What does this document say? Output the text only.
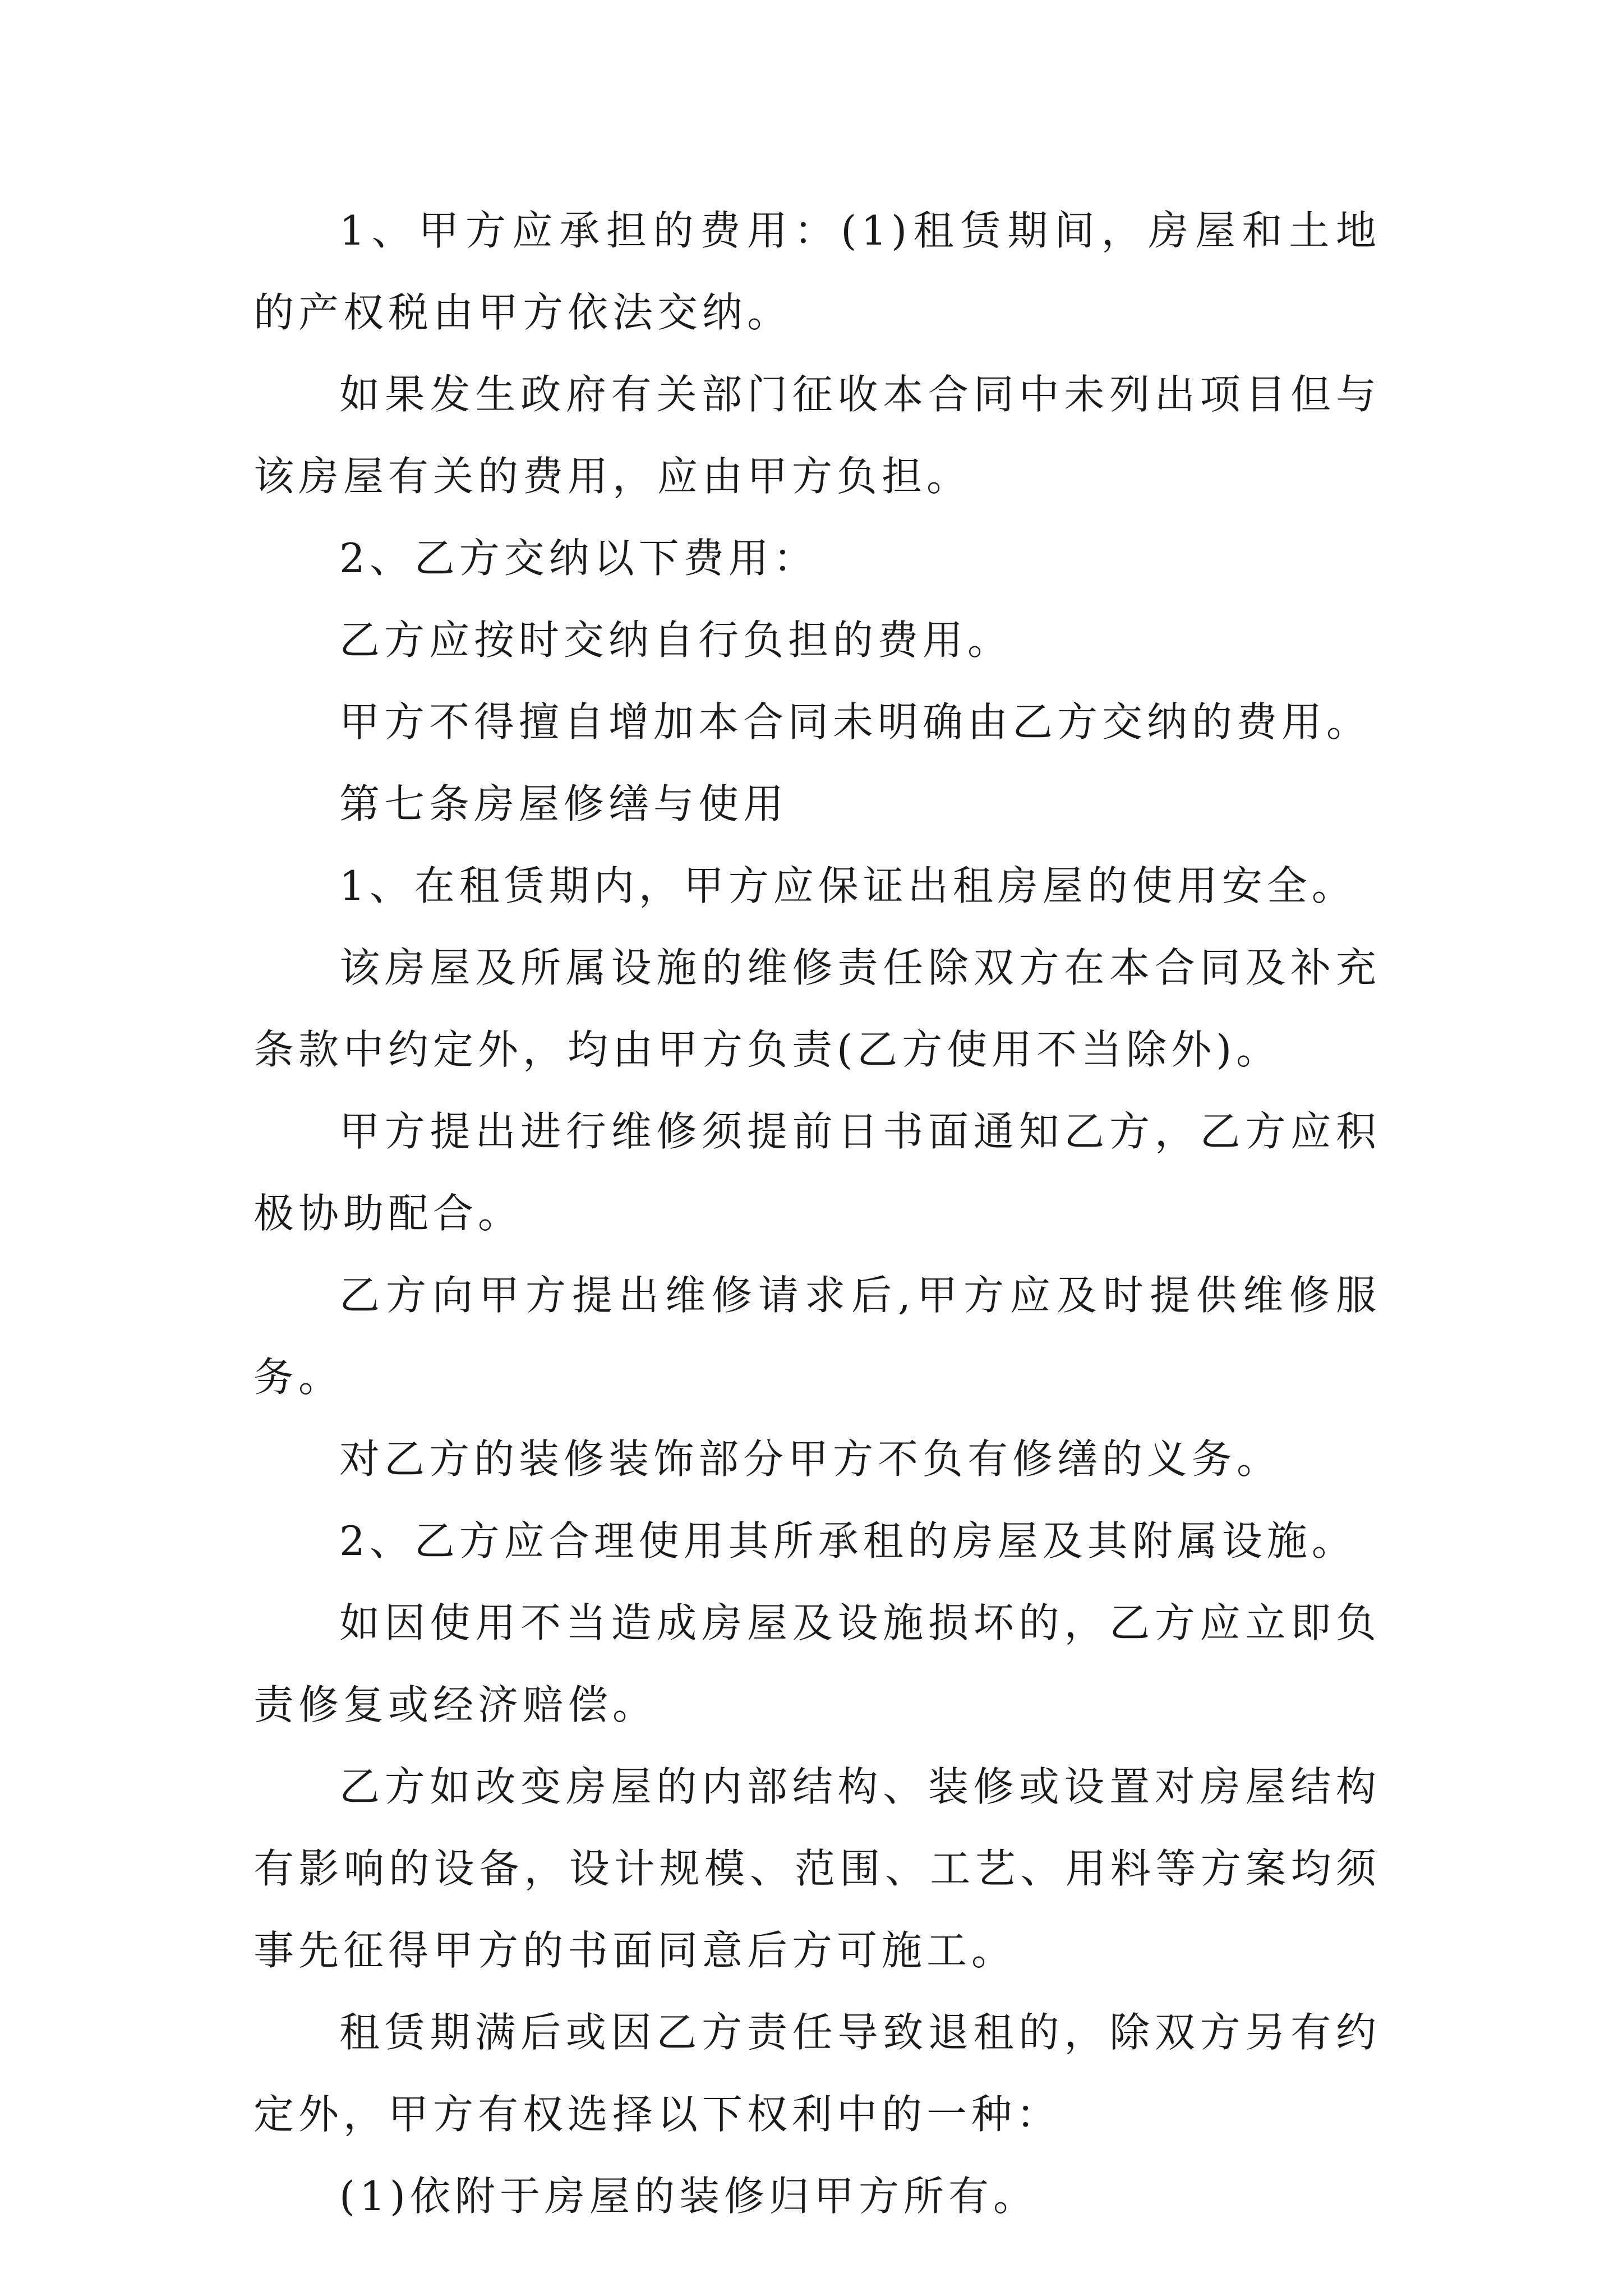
1、甲方应承担的费用：(1)租赁期间，房屋和土地的产权税由甲方依法交纳。

如果发生政府有关部门征收本合同中未列出项目但与该房屋有关的费用，应由甲方负担。

2、乙方交纳以下费用：

乙方应按时交纳自行负担的费用。

甲方不得擅自增加本合同未明确由乙方交纳的费用。

第七条房屋修缮与使用

1、在租赁期内，甲方应保证出租房屋的使用安全。

该房屋及所属设施的维修责任除双方在本合同及补充条款中约定外，均由甲方负责(乙方使用不当除外)。

甲方提出进行维修须提前日书面通知乙方，乙方应积极协助配合。

乙方向甲方提出维修请求后,甲方应及时提供维修服务。

对乙方的装修装饰部分甲方不负有修缮的义务。

2、乙方应合理使用其所承租的房屋及其附属设施。

如因使用不当造成房屋及设施损坏的，乙方应立即负责修复或经济赔偿。

乙方如改变房屋的内部结构、装修或设置对房屋结构有影响的设备，设计规模、范围、工艺、用料等方案均须事先征得甲方的书面同意后方可施工。

租赁期满后或因乙方责任导致退租的，除双方另有约定外，甲方有权选择以下权利中的一种：

(1)依附于房屋的装修归甲方所有。
